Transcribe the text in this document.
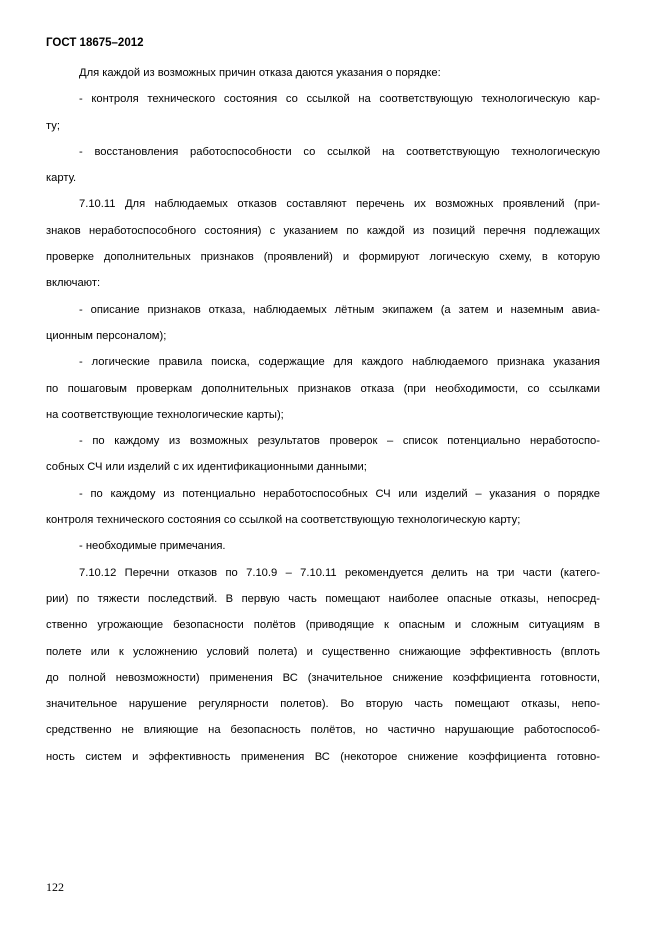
ГОСТ 18675–2012
Для каждой из возможных причин отказа даются указания о порядке:
- контроля технического состояния со ссылкой на соответствующую технологическую кар-
ту;
- восстановления работоспособности со ссылкой на соответствующую технологическую
карту.
7.10.11 Для наблюдаемых отказов составляют перечень их возможных проявлений (при-
знаков неработоспособного состояния) с указанием по каждой из позиций перечня подлежащих
проверке дополнительных признаков (проявлений) и формируют логическую схему, в которую
включают:
- описание признаков отказа, наблюдаемых лётным экипажем (а затем и наземным авиа-
ционным персоналом);
- логические правила поиска, содержащие для каждого наблюдаемого признака указания
по пошаговым проверкам дополнительных признаков отказа (при необходимости, со ссылками
на соответствующие технологические карты);
- по каждому из возможных результатов проверок – список потенциально неработоспо-
собных СЧ или изделий с их идентификационными данными;
- по каждому из потенциально неработоспособных СЧ или изделий – указания о порядке
контроля технического состояния со ссылкой на соответствующую технологическую карту;
- необходимые примечания.
7.10.12 Перечни отказов по 7.10.9 – 7.10.11 рекомендуется делить на три части (катего-
рии) по тяжести последствий. В первую часть помещают наиболее опасные отказы, непосред-
ственно угрожающие безопасности полётов (приводящие к опасным и сложным ситуациям в
полете или к усложнению условий полета) и существенно снижающие эффективность (вплоть
до полной невозможности) применения ВС (значительное снижение коэффициента готовности,
значительное нарушение регулярности полетов). Во вторую часть помещают отказы, непо-
средственно не влияющие на безопасность полётов, но частично нарушающие работоспособ-
ность систем и эффективность применения ВС (некоторое снижение коэффициента готовно-
122
